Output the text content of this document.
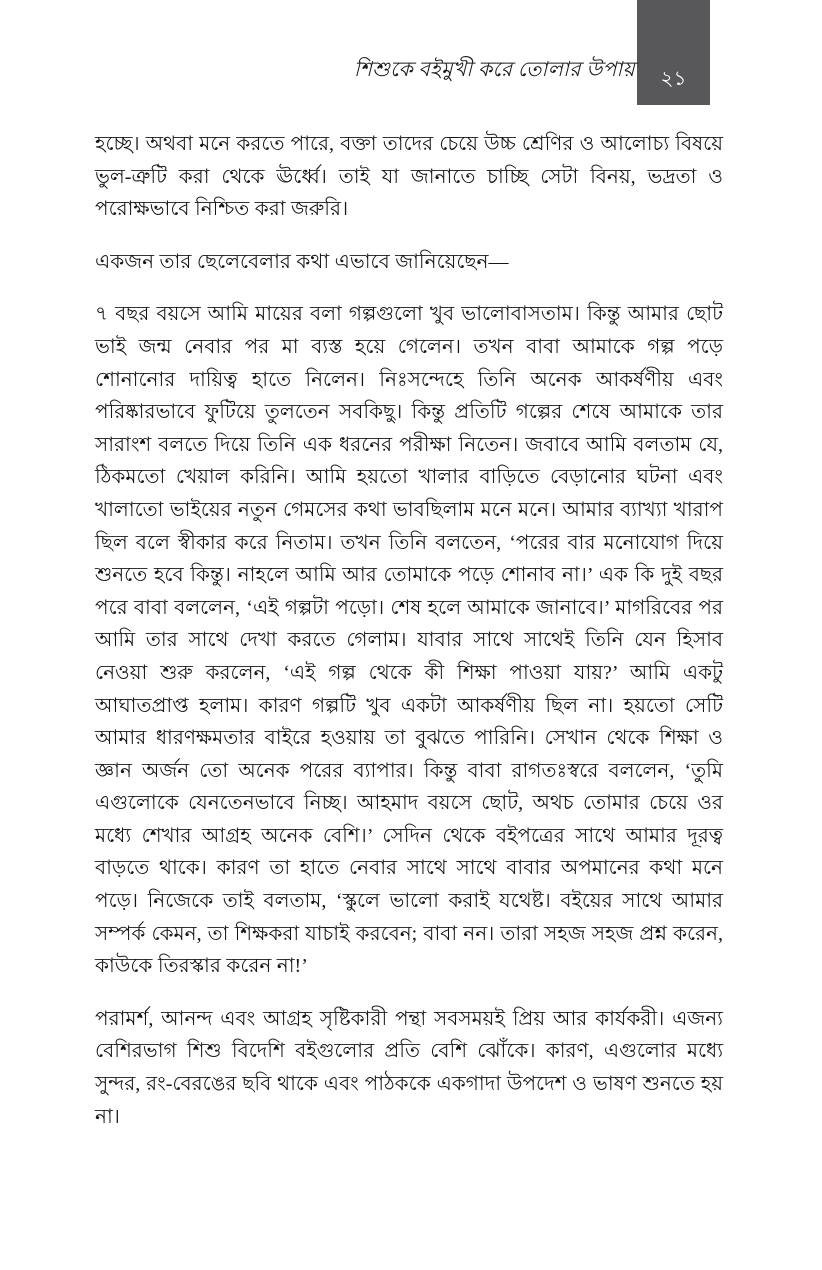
২১
শিশুকে বইমুখী করে তোলার উপায়

হচ্ছে। অথবা মনে করতে পারে, বক্তা তাদের চেয়ে উচ্চ শ্রেণির ও আলোচ্য বিষয়ে ভুল-ত্রুটি করা থেকে ঊর্ধ্বে। তাই যা জানাতে চাচ্ছি সেটা বিনয়, ভদ্রতা ও পরোক্ষভাবে নিশ্চিত করা জরুরি।

একজন তার ছেলেবেলার কথা এভাবে জানিয়েছেন—

৭ বছর বয়সে আমি মায়ের বলা গল্পগুলো খুব ভালোবাসতাম। কিন্তু আমার ছোট ভাই জন্ম নেবার পর মা ব্যস্ত হয়ে গেলেন। তখন বাবা আমাকে গল্প পড়ে শোনানোর দায়িত্ব হাতে নিলেন। নিঃসন্দেহে তিনি অনেক আকর্ষণীয় এবং পরিষ্কারভাবে ফুটিয়ে তুলতেন সবকিছু। কিন্তু প্রতিটি গল্পের শেষে আমাকে তার সারাংশ বলতে দিয়ে তিনি এক ধরনের পরীক্ষা নিতেন। জবাবে আমি বলতাম যে, ঠিকমতো খেয়াল করিনি। আমি হয়তো খালার বাড়িতে বেড়ানোর ঘটনা এবং খালাতো ভাইয়ের নতুন গেমসের কথা ভাবছিলাম মনে মনে। আমার ব্যাখ্যা খারাপ ছিল বলে স্বীকার করে নিতাম। তখন তিনি বলতেন, ‘পরের বার মনোযোগ দিয়ে শুনতে হবে কিন্তু। নাহলে আমি আর তোমাকে পড়ে শোনাব না।’ এক কি দুই বছর পরে বাবা বললেন, ‘এই গল্পটা পড়ো। শেষ হলে আমাকে জানাবে।’ মাগরিবের পর আমি তার সাথে দেখা করতে গেলাম। যাবার সাথে সাথেই তিনি যেন হিসাব নেওয়া শুরু করলেন, ‘এই গল্প থেকে কী শিক্ষা পাওয়া যায়?’ আমি একটু আঘাতপ্রাপ্ত হলাম। কারণ গল্পটি খুব একটা আকর্ষণীয় ছিল না। হয়তো সেটি আমার ধারণক্ষমতার বাইরে হওয়ায় তা বুঝতে পারিনি। সেখান থেকে শিক্ষা ও জ্ঞান অর্জন তো অনেক পরের ব্যাপার। কিন্তু বাবা রাগতঃস্বরে বললেন, ‘তুমি এগুলোকে যেনতেনভাবে নিচ্ছ। আহমাদ বয়সে ছোট, অথচ তোমার চেয়ে ওর মধ্যে শেখার আগ্রহ অনেক বেশি।’ সেদিন থেকে বইপত্রের সাথে আমার দূরত্ব বাড়তে থাকে। কারণ তা হাতে নেবার সাথে সাথে বাবার অপমানের কথা মনে পড়ে। নিজেকে তাই বলতাম, ‘স্কুলে ভালো করাই যথেষ্ট। বইয়ের সাথে আমার সম্পর্ক কেমন, তা শিক্ষকরা যাচাই করবেন; বাবা নন। তারা সহজ সহজ প্রশ্ন করেন, কাউকে তিরস্কার করেন না!’

পরামর্শ, আনন্দ এবং আগ্রহ সৃষ্টিকারী পন্থা সবসময়ই প্রিয় আর কার্যকরী। এজন্য বেশিরভাগ শিশু বিদেশি বইগুলোর প্রতি বেশি ঝোঁকে। কারণ, এগুলোর মধ্যে সুন্দর, রং-বেরঙের ছবি থাকে এবং পাঠককে একগাদা উপদেশ ও ভাষণ শুনতে হয় না।
